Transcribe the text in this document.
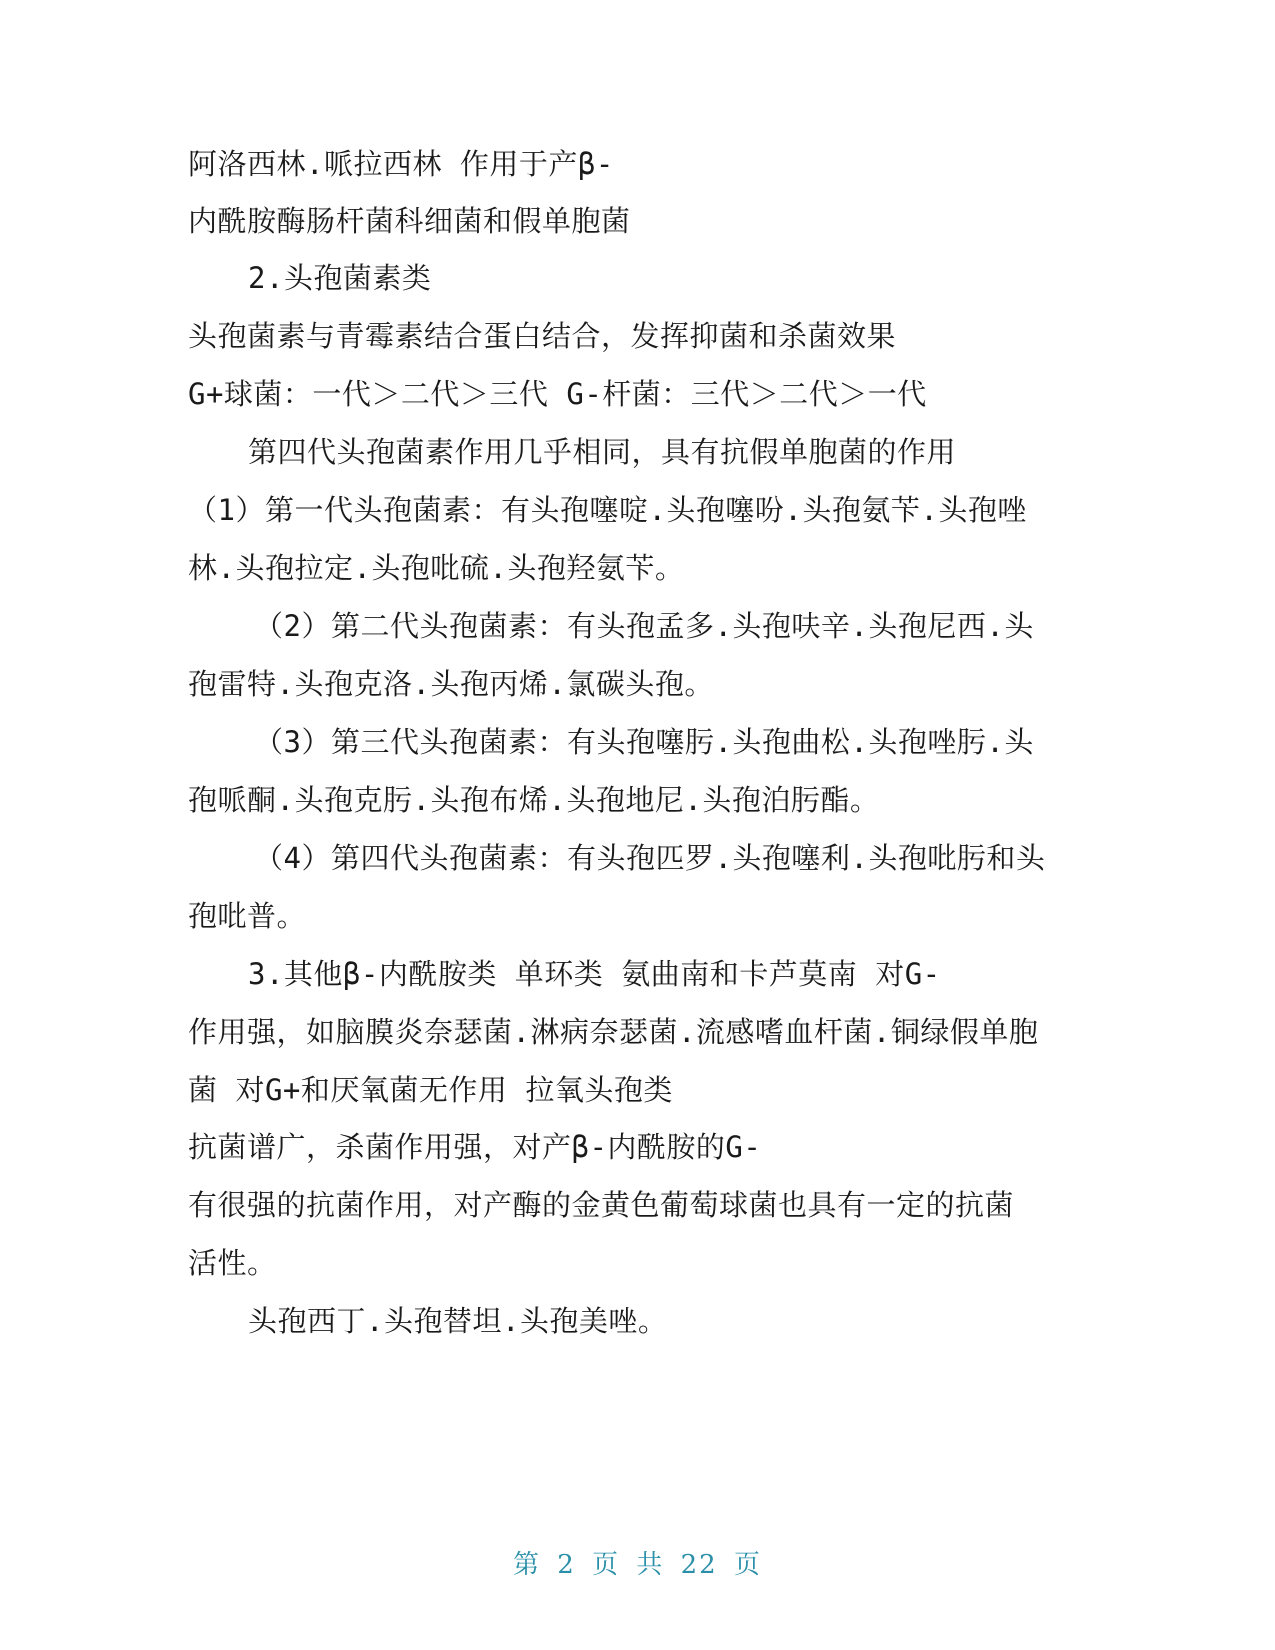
阿洛西林.哌拉西林 作用于产β-
内酰胺酶肠杆菌科细菌和假单胞菌
2.头孢菌素类
头孢菌素与青霉素结合蛋白结合，发挥抑菌和杀菌效果
G+球菌：一代＞二代＞三代 G-杆菌：三代＞二代＞一代
第四代头孢菌素作用几乎相同，具有抗假单胞菌的作用
（1）第一代头孢菌素：有头孢噻啶.头孢噻吩.头孢氨苄.头孢唑
林.头孢拉定.头孢吡硫.头孢羟氨苄。
（2）第二代头孢菌素：有头孢孟多.头孢呋辛.头孢尼西.头
孢雷特.头孢克洛.头孢丙烯.氯碳头孢。
（3）第三代头孢菌素：有头孢噻肟.头孢曲松.头孢唑肟.头
孢哌酮.头孢克肟.头孢布烯.头孢地尼.头孢泊肟酯。
（4）第四代头孢菌素：有头孢匹罗.头孢噻利.头孢吡肟和头
孢吡普。
3.其他β-内酰胺类 单环类 氨曲南和卡芦莫南 对G-
作用强，如脑膜炎奈瑟菌.淋病奈瑟菌.流感嗜血杆菌.铜绿假单胞
菌 对G+和厌氧菌无作用 拉氧头孢类
抗菌谱广，杀菌作用强，对产β-内酰胺的G-
有很强的抗菌作用，对产酶的金黄色葡萄球菌也具有一定的抗菌
活性。
头孢西丁.头孢替坦.头孢美唑。
第 2 页 共 22 页
